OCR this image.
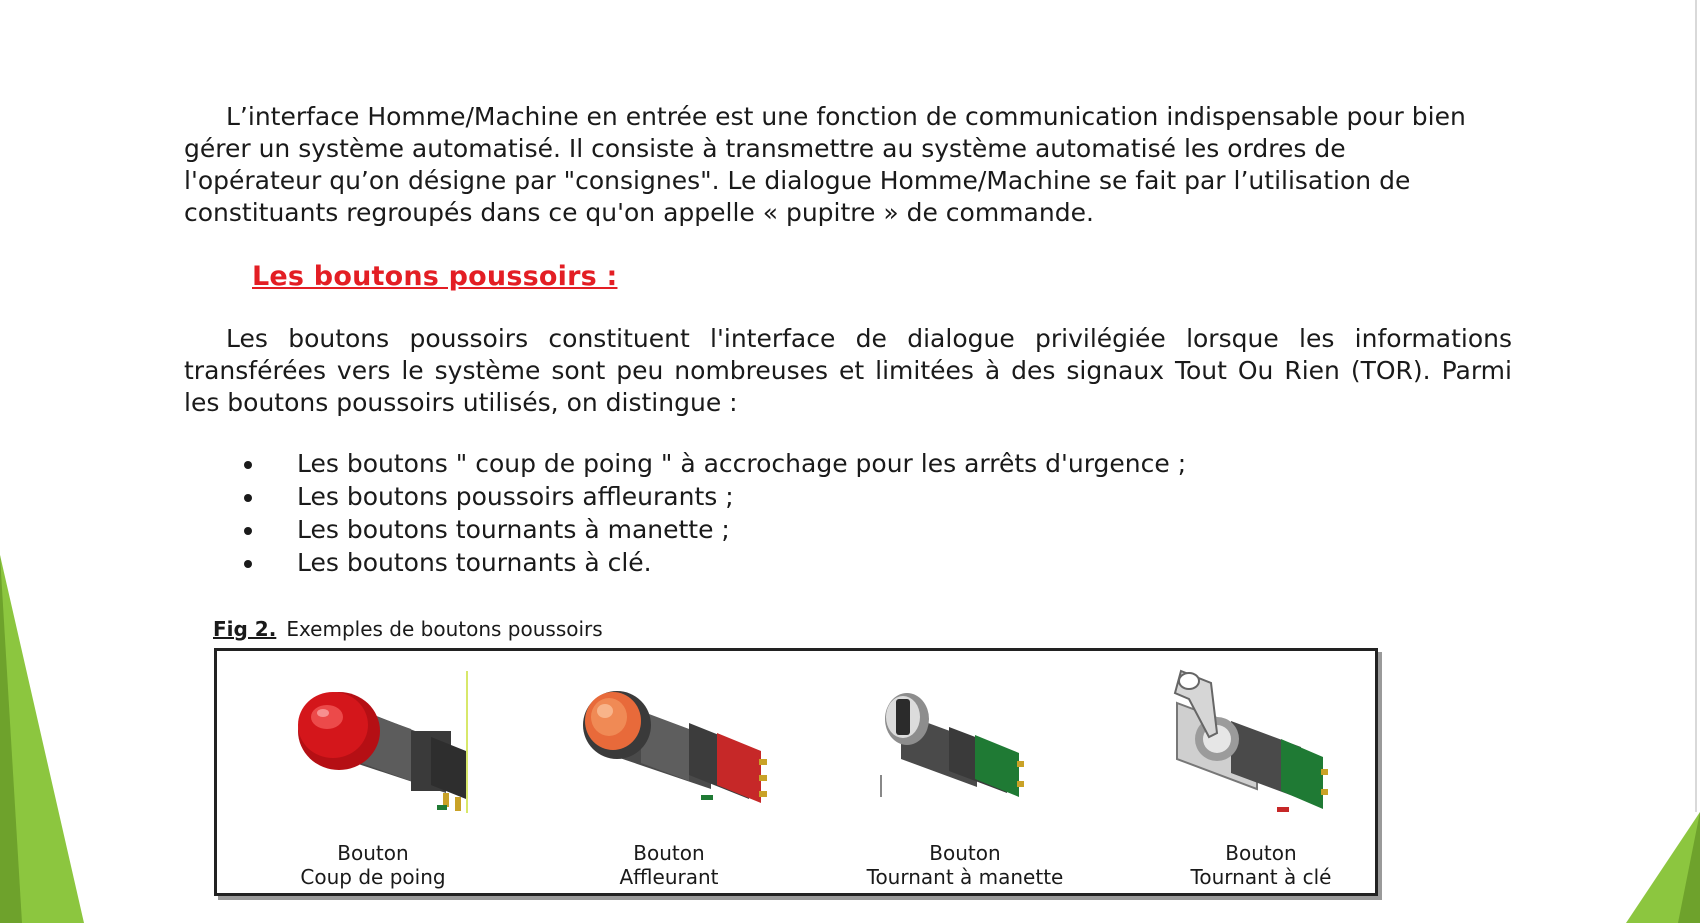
L’interface Homme/Machine en entrée est une fonction de communication indispensable pour bien
gérer un système automatisé. Il consiste à transmettre au système automatisé les ordres de
l'opérateur qu’on désigne par "consignes". Le dialogue Homme/Machine se fait par l’utilisation de
constituants regroupés dans ce qu'on appelle « pupitre » de commande.

Les boutons poussoirs :

Les boutons poussoirs constituent l'interface de dialogue privilégiée lorsque les informations
transférées vers le système sont peu nombreuses et limitées à des signaux Tout Ou Rien (TOR). Parmi
les boutons poussoirs utilisés, on distingue :

Les boutons " coup de poing " à accrochage pour les arrêts d'urgence ;
Les boutons poussoirs affleurants ;
Les boutons tournants à manette ;
Les boutons tournants à clé.

Fig 2. Exemples de boutons poussoirs

Bouton
Coup de poing
Bouton
Affleurant
Bouton
Tournant à manette
Bouton
Tournant à clé
